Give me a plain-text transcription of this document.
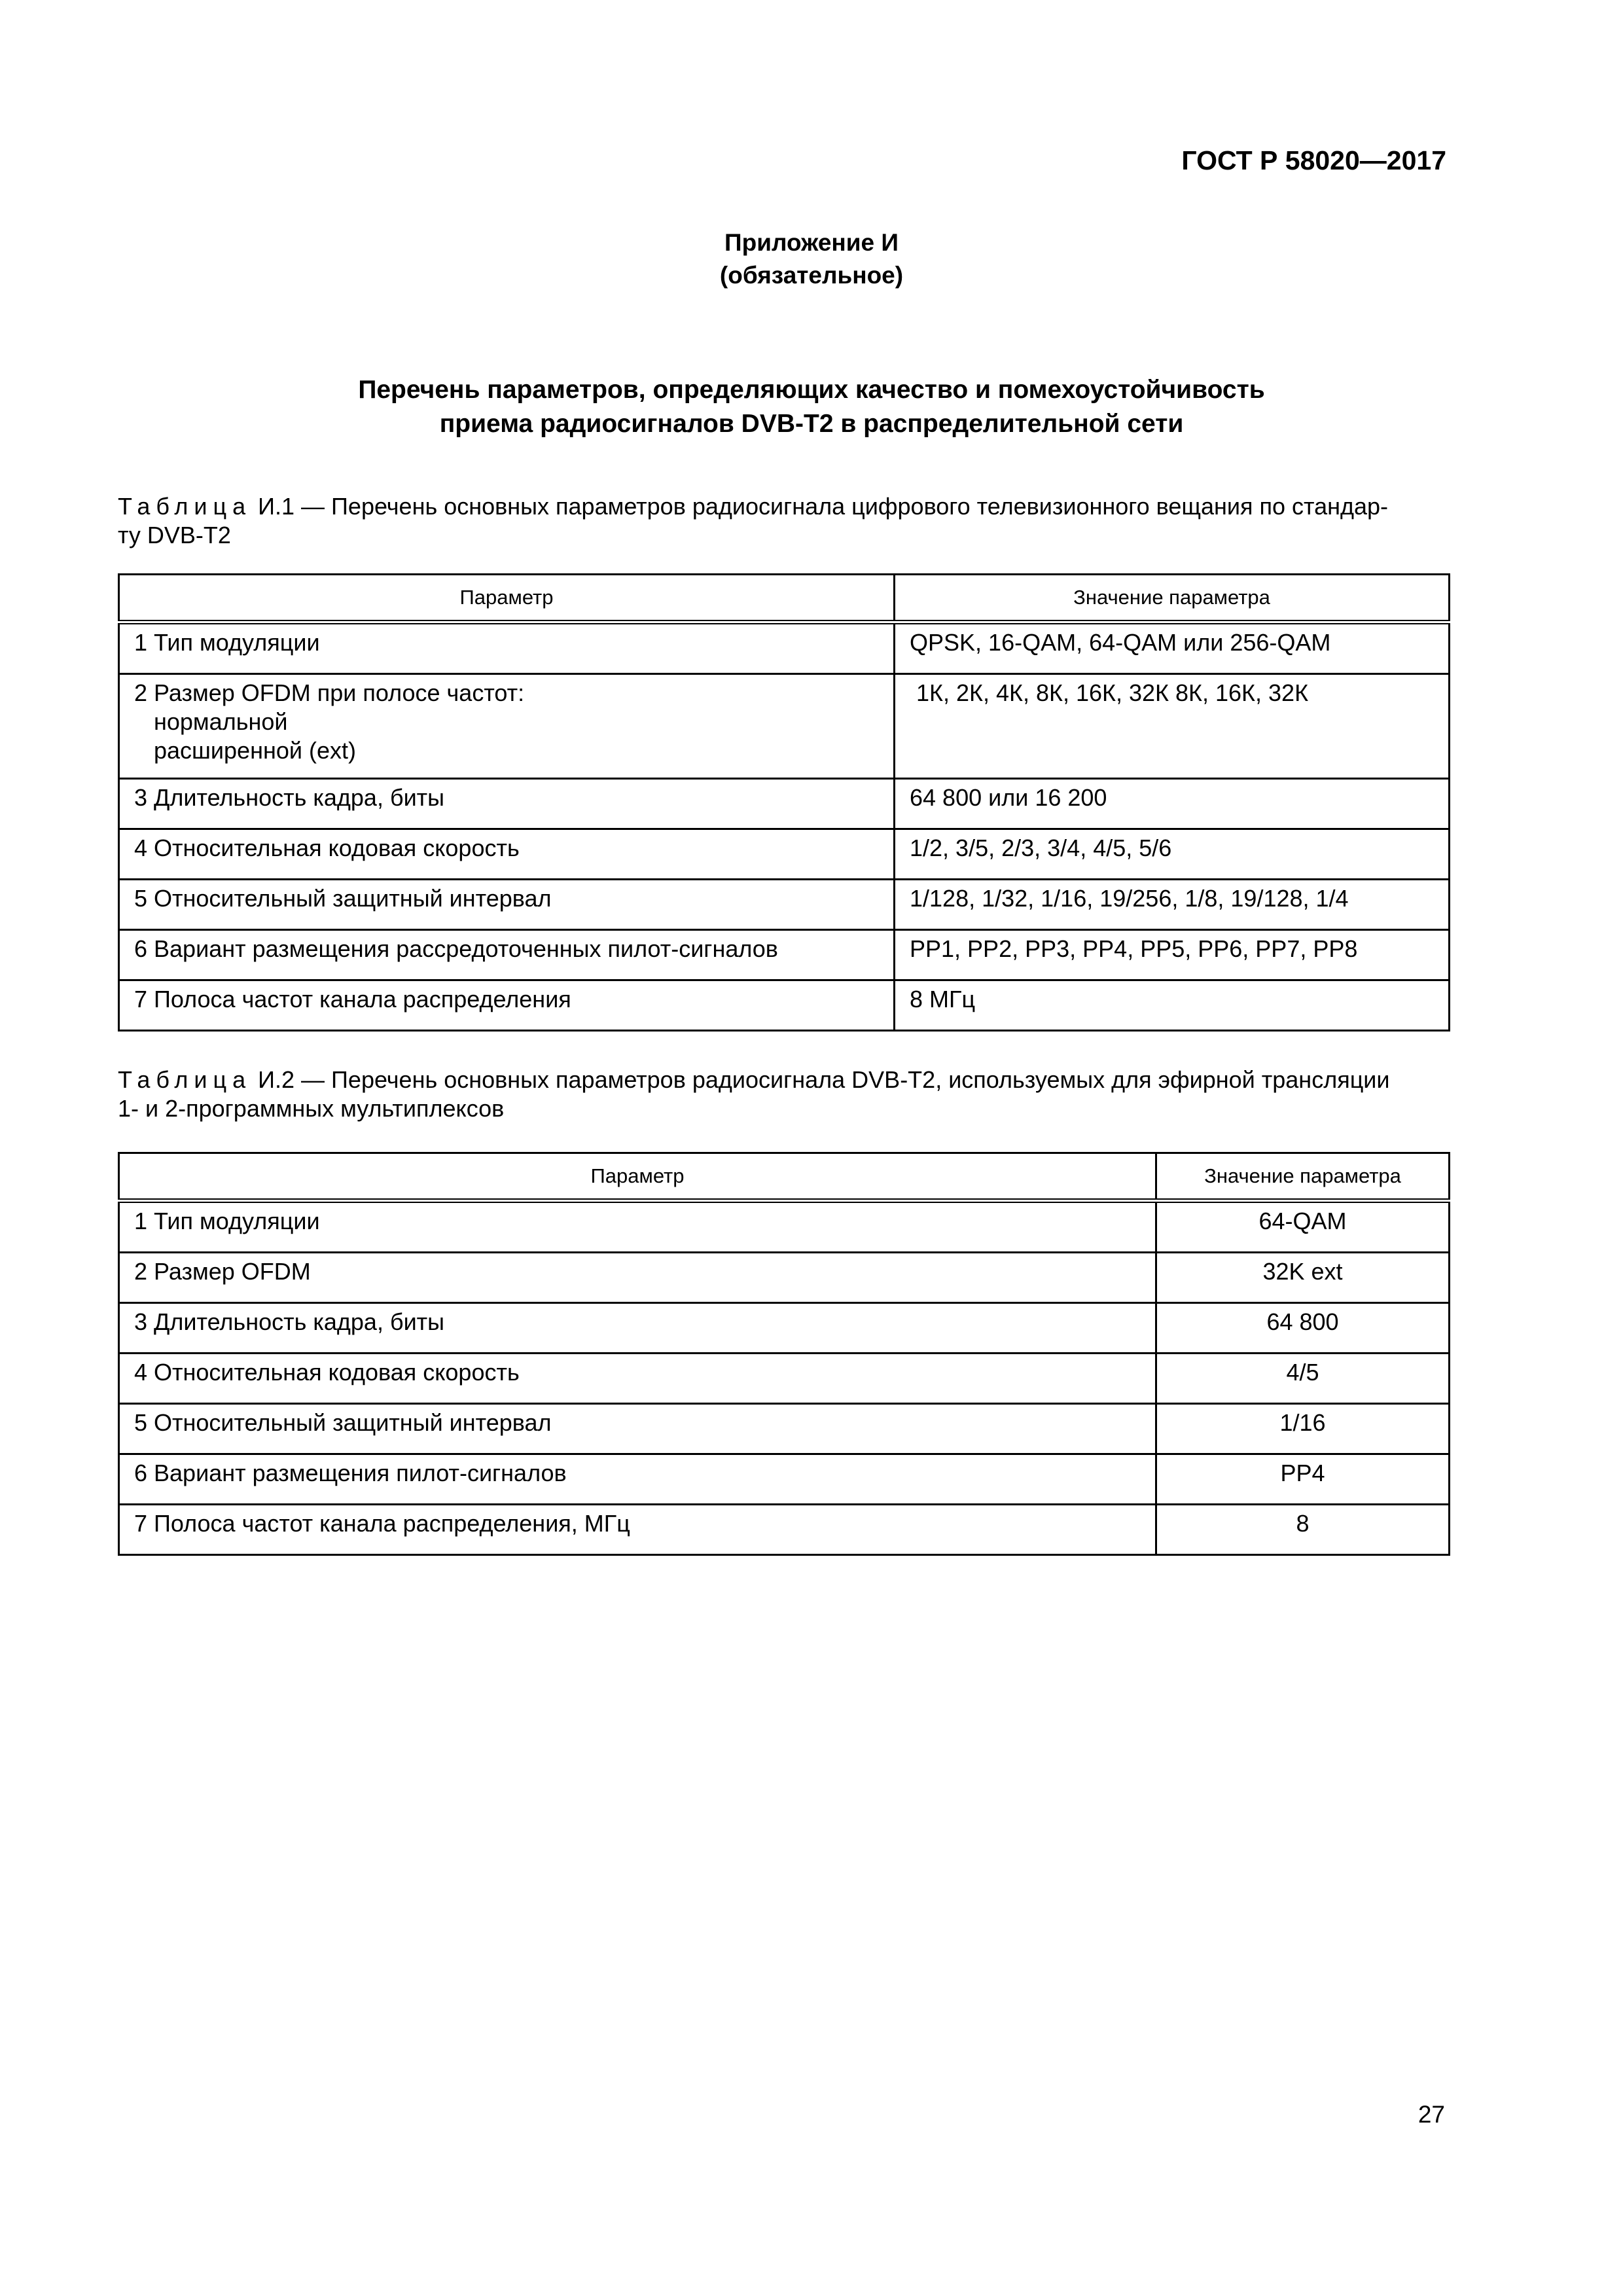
ГОСТ Р 58020—2017
Приложение И
(обязательное)
Перечень параметров, определяющих качество и помехоустойчивость
приема радиосигналов DVB-T2 в распределительной сети
Таблица И.1 — Перечень основных параметров радиосигнала цифрового телевизионного вещания по стандар-
ту DVB-T2
Параметр	Значение параметра
1 Тип модуляции	QPSK, 16-QAM, 64-QAM или 256-QAM

2 Размер OFDM при полосе частот:
нормальной
расширенной (ext)	1К, 2К, 4К, 8К, 16К, 32К 8К, 16К, 32К
3 Длительность кадра, биты	64 800 или 16 200
4 Относительная кодовая скорость	1/2, 3/5, 2/3, 3/4, 4/5, 5/6
5 Относительный защитный интервал	1/128, 1/32, 1/16, 19/256, 1/8, 19/128, 1/4
6 Вариант размещения рассредоточенных пилот-сигналов	PP1, PP2, PP3, PP4, PP5, PP6, PP7, PP8
7 Полоса частот канала распределения	8 МГц
Таблица И.2 — Перечень основных параметров радиосигнала DVB-T2, используемых для эфирной трансляции
1- и 2-программных мультиплексов
Параметр	Значение параметра
1 Тип модуляции	64-QAM
2 Размер OFDM	32K ext
3 Длительность кадра, биты	64 800
4 Относительная кодовая скорость	4/5
5 Относительный защитный интервал	1/16
6 Вариант размещения пилот-сигналов	PP4
7 Полоса частот канала распределения, МГц	8
27
